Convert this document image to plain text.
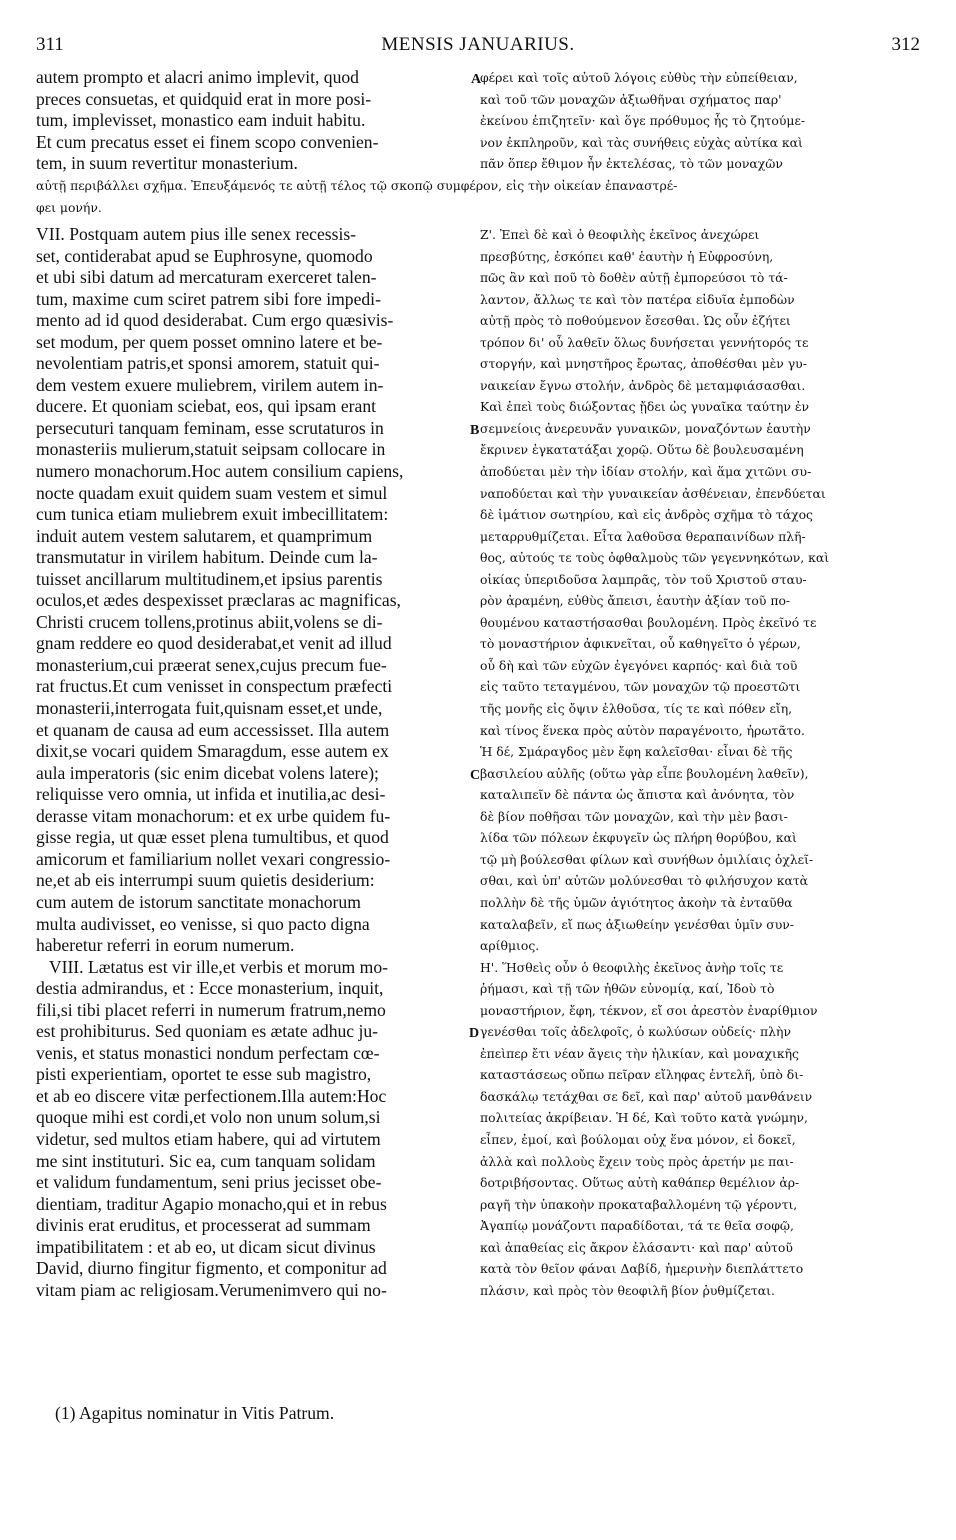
311	MENSIS JANUARIUS.	312
autem prompto et alacri animo implevit, quod
preces consuetas, et quidquid erat in more posi-
tum, implevisset, monastico eam induit habitu.
Et cum precatus esset ei finem scopo convenien-
tem, in suum revertitur monasterium.
φέρει καὶ τοῖς αὐτοῦ λόγοις εὐθὺς τὴν εὐπείθειαν,
καὶ τοῦ τῶν μοναχῶν ἀξιωθῆναι σχήματος παρ'
ἐκείνου ἐπιζητεῖν· καὶ ὅγε πρόθυμος ἧς τὸ ζητούμε-
νον ἐκπληροῦν, καὶ τὰς συνήθεις εὐχὰς αὐτίκα καὶ
πᾶν ὅπερ ἔθιμον ἦν ἐκτελέσας, τὸ τῶν μοναχῶν
αὐτῇ περιβάλλει σχῆμα. Ἐπευξάμενός τε αὐτῇ τέλος τῷ σκοπῷ συμφέρον, εἰς τὴν οἰκείαν ἐπαναστρέ-
φει μονήν.
VII. Postquam autem pius ille senex recessis-
set, contiderabat apud se Euphrosyne, quomodo
et ubi sibi datum ad mercaturam exerceret talen-
tum, maxime cum sciret patrem sibi fore impedi-
mento ad id quod desiderabat. Cum ergo quæsivis-
set modum, per quem posset omnino latere et be-
nevolentiam patris,et sponsi amorem, statuit qui-
dem vestem exuere muliebrem, virilem autem in-
ducere. Et quoniam sciebat, eos, qui ipsam erant
persecuturi tanquam feminam, esse scrutaturos in
monasteriis mulierum,statuit seipsam collocare in
numero monachorum.Hoc autem consilium capiens,
nocte quadam exuit quidem suam vestem et simul
cum tunica etiam muliebrem exuit imbecillitatem:
induit autem vestem salutarem, et quamprimum
transmutatur in virilem habitum. Deinde cum la-
tuisset ancillarum multitudinem,et ipsius parentis
oculos,et ædes despexisset præclaras ac magnificas,
Christi crucem tollens,protinus abiit,volens se di-
gnam reddere eo quod desiderabat,et venit ad illud
monasterium,cui præerat senex,cujus precum fue-
rat fructus.Et cum venisset in conspectum præfecti
monasterii,interrogata fuit,quisnam esset,et unde,
et quanam de causa ad eum accessisset. Illa autem
dixit,se vocari quidem Smaragdum, esse autem ex
aula imperatoris (sic enim dicebat volens latere);
reliquisse vero omnia, ut infida et inutilia,ac desi-
derasse vitam monachorum: et ex urbe quidem fu-
gisse regia, ut quæ esset plena tumultibus, et quod
amicorum et familiarium nollet vexari congressio-
ne,et ab eis interrumpi suum quietis desiderium:
cum autem de istorum sanctitate monachorum
multa audivisset, eo venisse, si quo pacto digna
haberetur referri in eorum numerum.
VIII. Lætatus est vir ille,et verbis et morum mo-
destia admirandus, et : Ecce monasterium, inquit,
fili,si tibi placet referri in numerum fratrum,nemo
est prohibiturus. Sed quoniam es ætate adhuc ju-
venis, et status monastici nondum perfectam cœ-
pisti experientiam, oportet te esse sub magistro,
et ab eo discere vitæ perfectionem.Illa autem:Hoc
quoque mihi est cordi,et volo non unum solum,si
videtur, sed multos etiam habere, qui ad virtutem
me sint instituturi. Sic ea, cum tanquam solidam
et validum fundamentum, seni prius jecisset obe-
dientiam, traditur Agapio monacho,qui et in rebus
divinis erat eruditus, et processerat ad summam
impatibilitatem : et ab eo, ut dicam sicut divinus
David, diurno fingitur figmento, et componitur ad
vitam piam ac religiosam.Verumenimvero qui no-
Ζ'. Ἐπεὶ δὲ καὶ ὁ θεοφιλὴς ἐκεῖνος ἀνεχώρει
πρεσβύτης, ἐσκόπει καθ' ἑαυτὴν ἡ Εὐφροσύνη,
πῶς ἂν καὶ ποῦ τὸ δοθὲν αὐτῇ ἐμπορεύσοι τὸ τά-
λαντον, ἄλλως τε καὶ τὸν πατέρα εἰδυῖα ἐμποδὼν
αὐτῇ πρὸς τὸ ποθούμενον ἔσεσθαι. Ὡς οὖν ἐζήτει
τρόπον δι' οὗ λαθεῖν ὅλως δυνήσεται γεννήτορός τε
στοργήν, καὶ μνηστῆρος ἔρωτας, ἀποθέσθαι μὲν γυ-
ναικείαν ἔγνω στολήν, ἀνδρὸς δὲ μεταμφιάσασθαι.
Καὶ ἐπεὶ τοὺς διώξοντας ᾔδει ὡς γυναῖκα ταύτην ἐν
σεμνείοις ἀνερευνᾶν γυναικῶν, μοναζόντων ἑαυτὴν
ἔκρινεν ἐγκατατάξαι χορῷ. Οὕτω δὲ βουλευσαμένη
ἀποδύεται μὲν τὴν ἰδίαν στολήν, καὶ ἅμα χιτῶνι συ-
ναποδύεται καὶ τὴν γυναικείαν ἀσθένειαν, ἐπενδύεται
δὲ ἱμάτιον σωτηρίου, καὶ εἰς ἀνδρὸς σχῆμα τὸ τάχος
μεταρρυθμίζεται. Εἶτα λαθοῦσα θεραπαινίδων πλῆ-
θος, αὐτούς τε τοὺς ὀφθαλμοὺς τῶν γεγεννηκότων, καὶ
οἰκίας ὑπεριδοῦσα λαμπρᾶς, τὸν τοῦ Χριστοῦ σταυ-
ρὸν ἀραμένη, εὐθὺς ἄπεισι, ἑαυτὴν ἀξίαν τοῦ πο-
θουμένου καταστήσασθαι βουλομένη. Πρὸς ἐκεῖνό τε
τὸ μοναστήριον ἀφικνεῖται, οὗ καθηγεῖτο ὁ γέρων,
οὗ δὴ καὶ τῶν εὐχῶν ἐγεγόνει καρπός· καὶ διὰ τοῦ
εἰς ταῦτο τεταγμένου, τῶν μοναχῶν τῷ προεστῶτι
τῆς μονῆς εἰς ὄψιν ἐλθοῦσα, τίς τε καὶ πόθεν εἴη,
καὶ τίνος ἕνεκα πρὸς αὐτὸν παραγένοιτο, ἠρωτᾶτο.
Ἡ δέ, Σμάραγδος μὲν ἔφη καλεῖσθαι· εἶναι δὲ τῆς
βασιλείου αὐλῆς (οὕτω γὰρ εἶπε βουλομένη λαθεῖν),
καταλιπεῖν δὲ πάντα ὡς ἄπιστα καὶ ἀνόνητα, τὸν
δὲ βίον ποθῆσαι τῶν μοναχῶν, καὶ τὴν μὲν βασι-
λίδα τῶν πόλεων ἐκφυγεῖν ὡς πλήρη θορύβου, καὶ
τῷ μὴ βούλεσθαι φίλων καὶ συνήθων ὁμιλίαις ὀχλεῖ-
σθαι, καὶ ὑπ' αὐτῶν μολύνεσθαι τὸ φιλήσυχον κατὰ
πολλὴν δὲ τῆς ὑμῶν ἁγιότητος ἀκοὴν τὰ ἐνταῦθα
καταλαβεῖν, εἴ πως ἀξιωθείην γενέσθαι ὑμῖν συν-
αρίθμιος.
Η'. Ἥσθεὶς οὖν ὁ θεοφιλὴς ἐκεῖνος ἀνὴρ τοῖς τε
ῥήμασι, καὶ τῇ τῶν ἠθῶν εὐνομίᾳ, καί, Ἰδοὺ τὸ
μοναστήριον, ἔφη, τέκνον, εἴ σοι ἀρεστὸν ἐναρίθμιον
γενέσθαι τοῖς ἀδελφοῖς, ὁ κωλύσων οὐδείς· πλὴν
ἐπεὶπερ ἔτι νέαν ἄγεις τὴν ἡλικίαν, καὶ μοναχικῆς
καταστάσεως οὔπω πεῖραν εἴληφας ἐντελῆ, ὑπὸ δι-
δασκάλῳ τετάχθαι σε δεῖ, καὶ παρ' αὐτοῦ μανθάνειν
πολιτείας ἀκρίβειαν. Ἡ δέ, Καὶ τοῦτο κατὰ γνώμην,
εἶπεν, ἐμοί, καὶ βούλομαι οὐχ ἕνα μόνον, εἰ δοκεῖ,
ἀλλὰ καὶ πολλοὺς ἔχειν τοὺς πρὸς ἀρετήν με παι-
δοτριβήσοντας. Οὕτως αὐτὴ καθάπερ θεμέλιον ἀρ-
ραγῆ τὴν ὑπακοὴν προκαταβαλλομένη τῷ γέροντι,
Ἀγαπίῳ μονάζοντι παραδίδοται, τά τε θεῖα σοφῷ,
καὶ ἀπαθείας εἰς ἄκρον ἐλάσαντι· καὶ παρ' αὐτοῦ
κατὰ τὸν θεῖον φάναι Δαβίδ, ἡμερινὴν διεπλάττετο
πλάσιν, καὶ πρὸς τὸν θεοφιλῆ βίον ῥυθμίζεται.
A
B
C
D
(1) Agapitus nominatur in Vitis Patrum.
